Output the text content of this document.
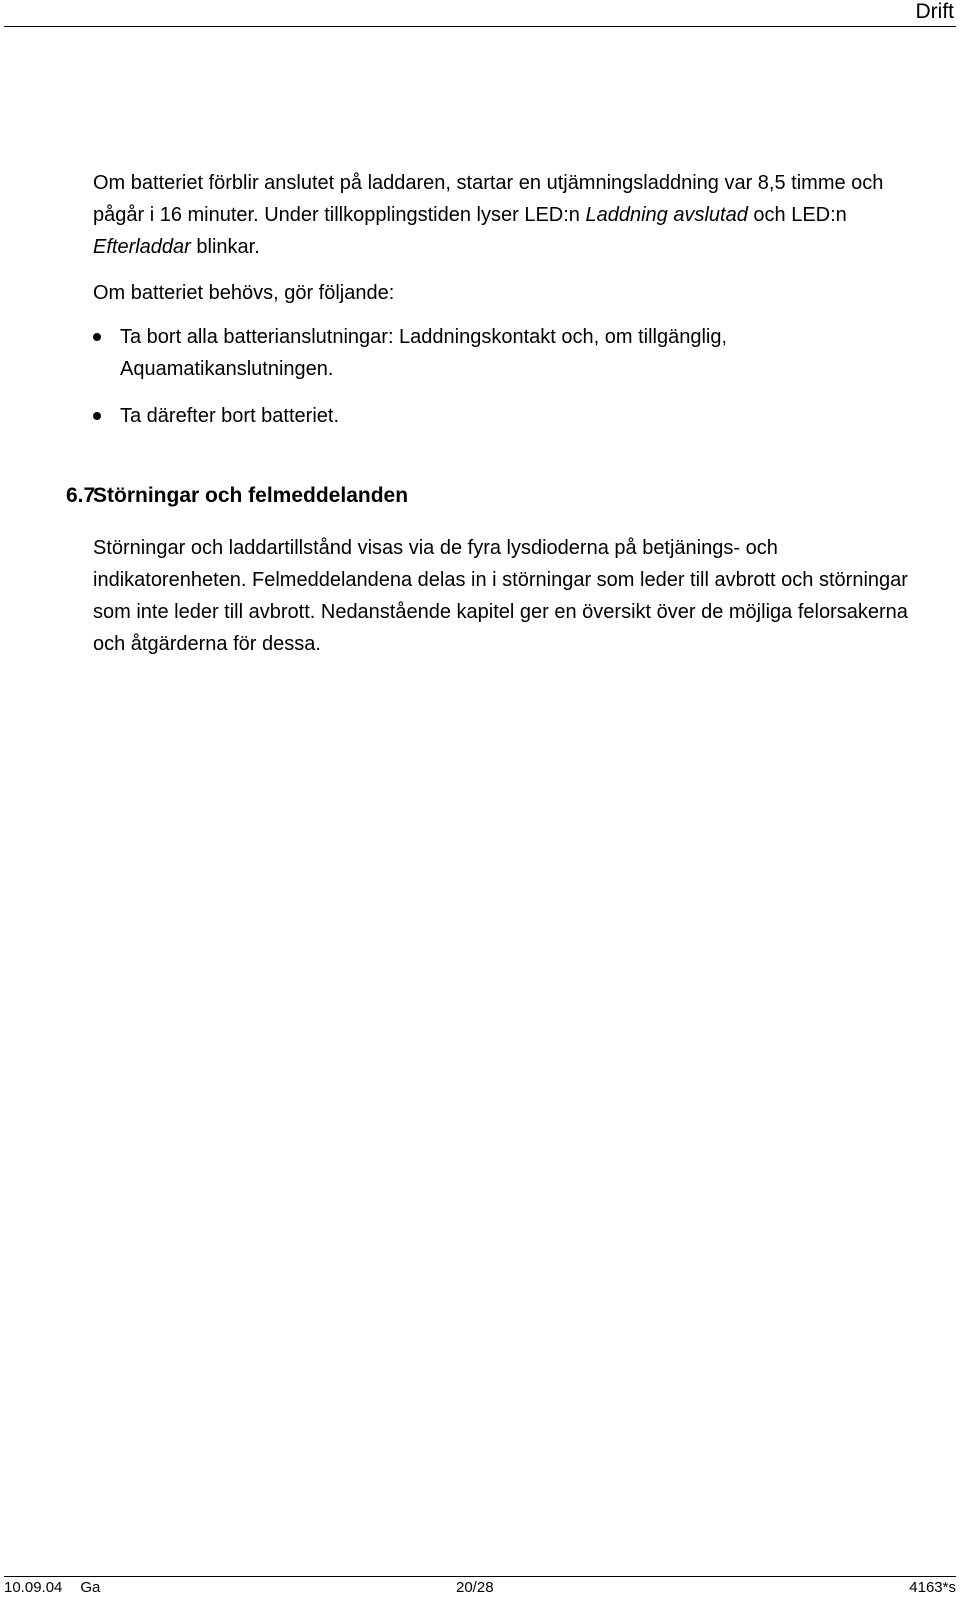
Drift

Om batteriet förblir anslutet på laddaren, startar en utjämningsladdning var 8,5 timme och pågår i 16 minuter. Under tillkopplingstiden lyser LED:n Laddning avslutad och LED:n Efterladdar blinkar.

Om batteriet behövs, gör följande:

Ta bort alla batterianslutningar: Laddningskontakt och, om tillgänglig, Aquamatikanslutningen.
Ta därefter bort batteriet.
6.7Störningar och felmeddelanden
Störningar och laddartillstånd visas via de fyra lysdioderna på betjänings- och indikatorenheten. Felmeddelandena delas in i störningar som leder till avbrott och störningar som inte leder till avbrott. Nedanstående kapitel ger en översikt över de möjliga felorsakerna och åtgärderna för dessa.
10.09.04 Ga	20/28	4163*s
